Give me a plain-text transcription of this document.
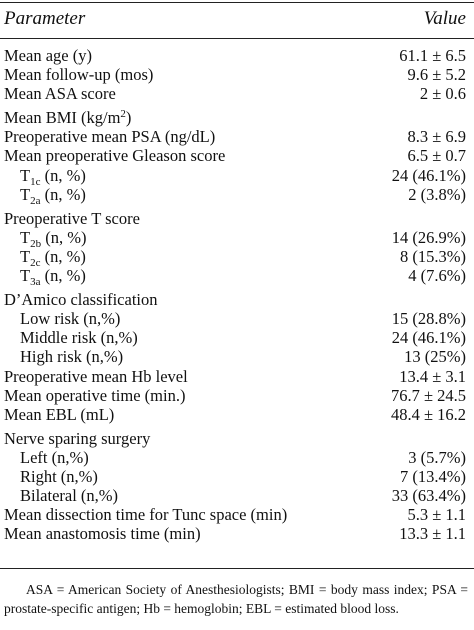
Parameter	Value
Mean age (y)	61.1 ± 6.5
Mean follow-up (mos)	9.6 ± 5.2
Mean ASA score	2 ± 0.6
Mean BMI $(kg/m^2)$
Preoperative mean PSA (ng/dL)	8.3 ± 6.9
Mean preoperative Gleason score	6.5 ± 0.7
$T_{1c}$ (n, %)	24 (46.1%)
$T_{2a}$ (n, %)	2 (3.8%)
Preoperative T score
$T_{2b}$ (n, %)	14 (26.9%)
$T_{2c}$ (n, %)	8 (15.3%)
$T_{3a}$ (n, %)	4 (7.6%)
D’Amico classification
Low risk (n,%)	15 (28.8%)
Middle risk (n,%)	24 (46.1%)
High risk (n,%)	13 (25%)
Preoperative mean Hb level	13.4 ± 3.1
Mean operative time (min.)	76.7 ± 24.5
Mean EBL (mL)	48.4 ± 16.2
Nerve sparing surgery
Left (n,%)	3 (5.7%)
Right (n,%)	7 (13.4%)
Bilateral (n,%)	33 (63.4%)
Mean dissection time for Tunc space (min)	5.3 ± 1.1
Mean anastomosis time (min)	13.3 ± 1.1

ASA = American Society of Anesthesiologists; BMI = body mass index; PSA = prostate-specific antigen; Hb = hemoglobin; EBL = estimated blood loss.
